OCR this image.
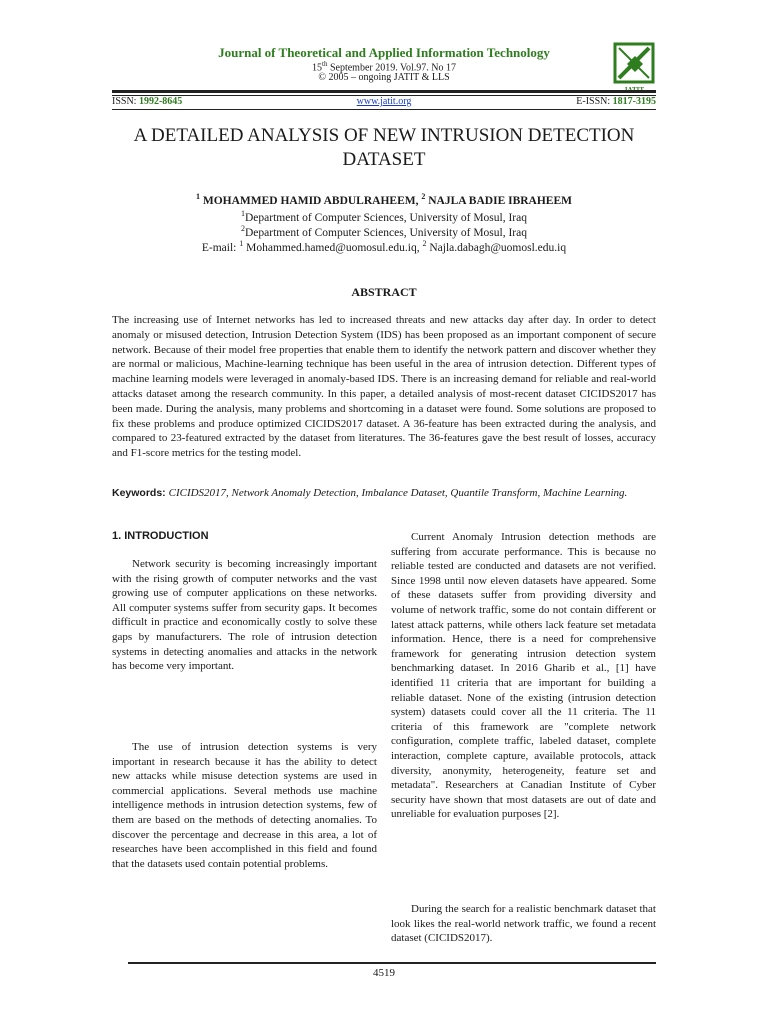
Journal of Theoretical and Applied Information Technology
15th September 2019. Vol.97. No 17
© 2005 – ongoing JATIT & LLS
ISSN: 1992-8645	www.jatit.org	E-ISSN: 1817-3195
A DETAILED ANALYSIS OF NEW INTRUSION DETECTION DATASET
$^1$ MOHAMMED HAMID ABDULRAHEEM, $^2$ NAJLA BADIE IBRAHEEM
$^1$Department of Computer Sciences, University of Mosul, Iraq
$^2$Department of Computer Sciences, University of Mosul, Iraq
E-mail: $^1$ Mohammed.hamed@uomosul.edu.iq, $^2$ Najla.dabagh@uomosl.edu.iq
ABSTRACT
The increasing use of Internet networks has led to increased threats and new attacks day after day. In order to detect anomaly or misused detection, Intrusion Detection System (IDS) has been proposed as an important component of secure network. Because of their model free properties that enable them to identify the network pattern and discover whether they are normal or malicious, Machine-learning technique has been useful in the area of intrusion detection. Different types of machine learning models were leveraged in anomaly-based IDS. There is an increasing demand for reliable and real-world attacks dataset among the research community. In this paper, a detailed analysis of most-recent dataset CICIDS2017 has been made. During the analysis, many problems and shortcoming in a dataset were found. Some solutions are proposed to fix these problems and produce optimized CICIDS2017 dataset. A 36-feature has been extracted during the analysis, and compared to 23-featured extracted by the dataset from literatures. The 36-features gave the best result of losses, accuracy and F1-score metrics for the testing model.
Keywords: CICIDS2017, Network Anomaly Detection, Imbalance Dataset, Quantile Transform, Machine Learning.
1. INTRODUCTION
Network security is becoming increasingly important with the rising growth of computer networks and the vast growing use of computer applications on these networks. All computer systems suffer from security gaps. It becomes difficult in practice and economically costly to solve these gaps by manufacturers. The role of intrusion detection systems in detecting anomalies and attacks in the network has become very important.
The use of intrusion detection systems is very important in research because it has the ability to detect new attacks while misuse detection systems are used in commercial applications. Several methods use machine intelligence methods in intrusion detection systems, few of them are based on the methods of detecting anomalies. To discover the percentage and decrease in this area, a lot of researches have been accomplished in this field and found that the datasets used contain potential problems.
Current Anomaly Intrusion detection methods are suffering from accurate performance. This is because no reliable tested are conducted and datasets are not verified. Since 1998 until now eleven datasets have appeared. Some of these datasets suffer from providing diversity and volume of network traffic, some do not contain different or latest attack patterns, while others lack feature set metadata information. Hence, there is a need for comprehensive framework for generating intrusion detection system benchmarking dataset. In 2016 Gharib et al., [1] have identified 11 criteria that are important for building a reliable dataset. None of the existing (intrusion detection system) datasets could cover all the 11 criteria. The 11 criteria of this framework are "complete network configuration, complete traffic, labeled dataset, complete interaction, complete capture, available protocols, attack diversity, anonymity, heterogeneity, feature set and metadata". Researchers at Canadian Institute of Cyber security have shown that most datasets are out of date and unreliable for evaluation purposes [2].
During the search for a realistic benchmark dataset that look likes the real-world network traffic, we found a recent dataset (CICIDS2017).
4519
